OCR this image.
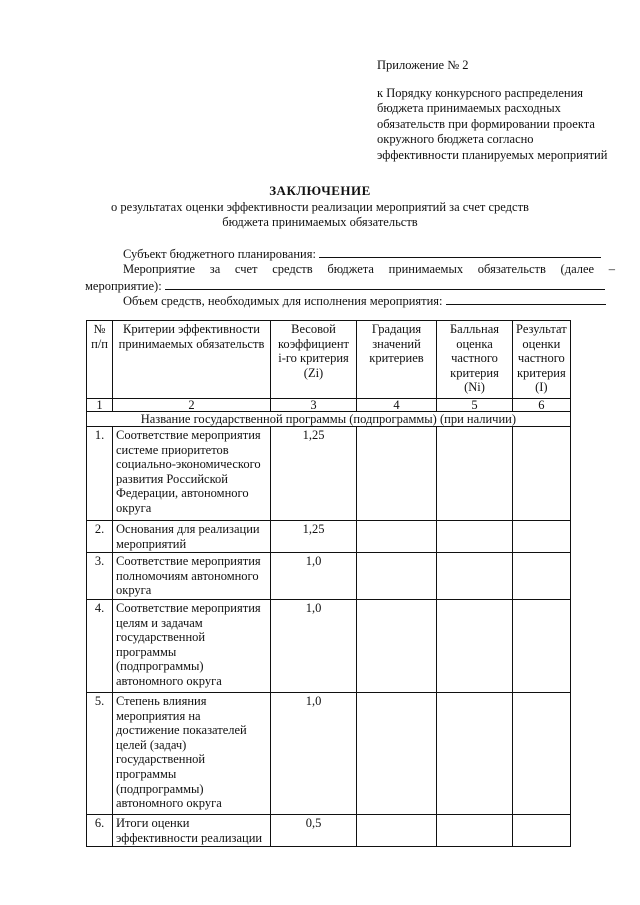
Приложение № 2
к Порядку конкурсного распределения
бюджета принимаемых расходных
обязательств при формировании проекта
окружного бюджета согласно
эффективности планируемых мероприятий
ЗАКЛЮЧЕНИЕ
о результатах оценки эффективности реализации мероприятий за счет средств
бюджета принимаемых обязательств
Субъект бюджетного планирования:
Мероприятие за счет средств бюджета принимаемых обязательств (далее –
мероприятие):
Объем средств, необходимых для исполнения мероприятия:
№ п/п	Критерии эффективности принимаемых обязательств	Весовой коэффициент i-го критерия (Zi)	Градация значений критериев	Балльная оценка частного критерия (Ni)	Результат оценки частного критерия (I)
1	2	3	4	5	6
Название государственной программы (подпрограммы) (при наличии)					
1.	Соответствие мероприятия системе приоритетов социально-экономического развития Российской Федерации, автономного округа	1,25			
2.	Основания для реализации мероприятий	1,25			
3.	Соответствие мероприятия полномочиям автономного округа	1,0			
4.	Соответствие мероприятия целям и задачам государственной программы (подпрограммы) автономного округа	1,0			
5.	Степень влияния мероприятия на достижение показателей целей (задач) государственной программы (подпрограммы) автономного округа	1,0			
6.	Итоги оценки эффективности реализации	0,5			
